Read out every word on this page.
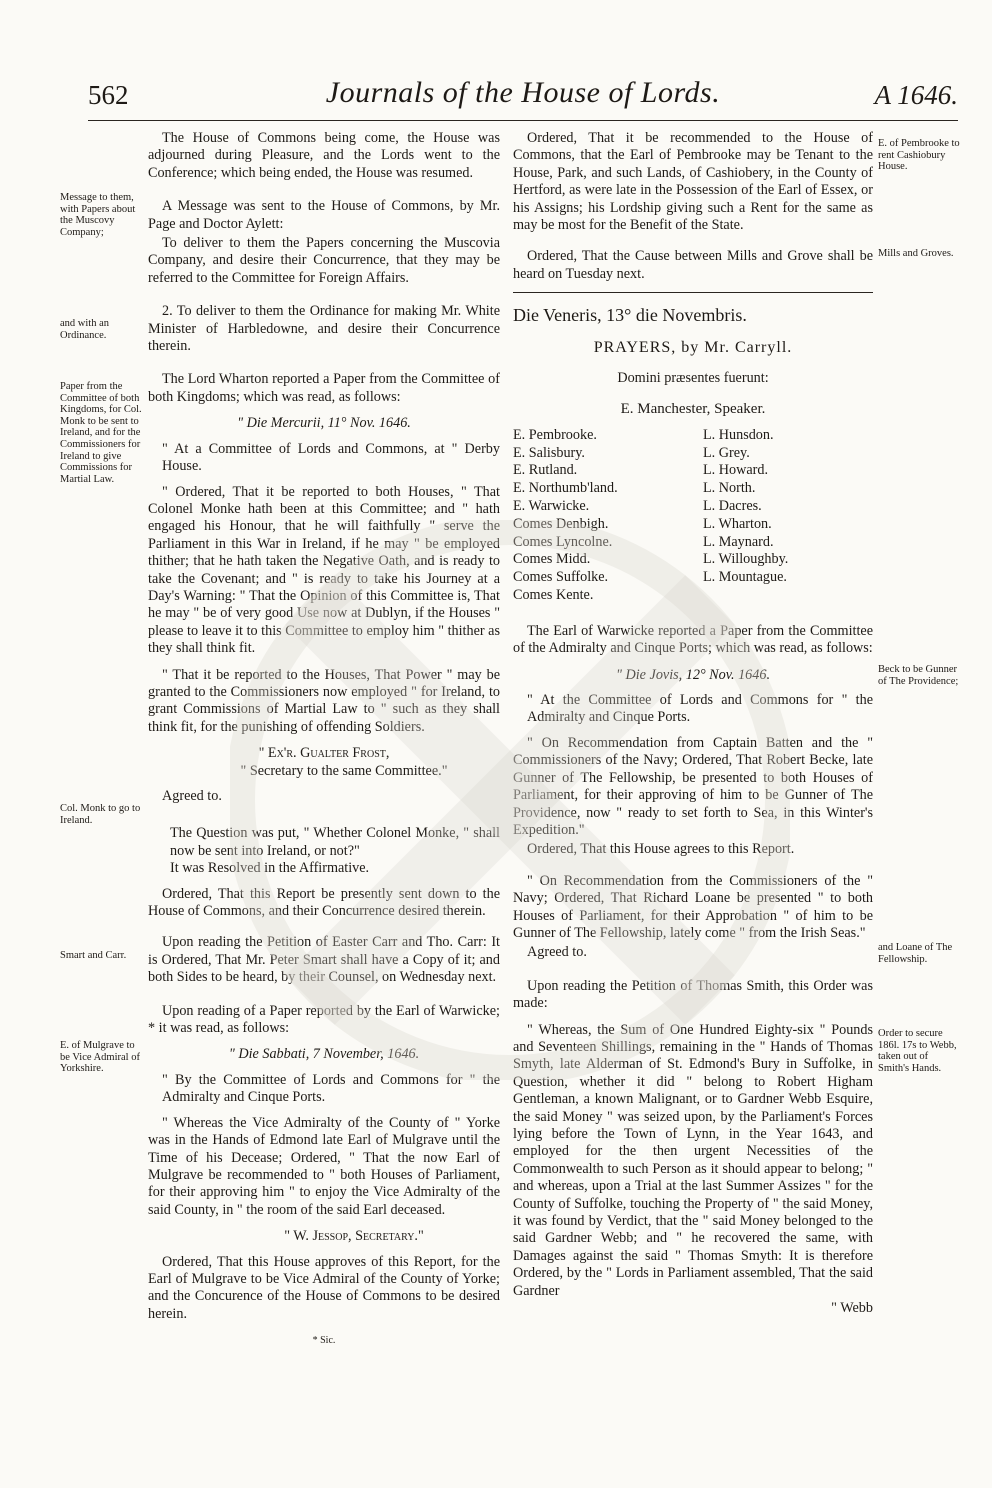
562	Journals of the House of Lords.	A 1646.
Message to them, with Papers about the Muscovy Company;
and with an Ordinance.
Paper from the Committee of both Kingdoms, for Col. Monk to be sent to Ireland, and for the Commissioners for Ireland to give Commissions for Martial Law.
Col. Monk to go to Ireland.
Smart and Carr.
E. of Mulgrave to be Vice Admiral of Yorkshire.

The House of Commons being come, the House was adjourned during Pleasure, and the Lords went to the Conference; which being ended, the House was resumed.

A Message was sent to the House of Commons, by Mr. Page and Doctor Aylett:

To deliver to them the Papers concerning the Muscovia Company, and desire their Concurrence, that they may be referred to the Committee for Foreign Affairs.

2. To deliver to them the Ordinance for making Mr. White Minister of Harbledowne, and desire their Concurrence therein.

The Lord Wharton reported a Paper from the Committee of both Kingdoms; which was read, as follows:

" Die Mercurii, 11° Nov. 1646.

" At a Committee of Lords and Commons, at " Derby House.

" Ordered, That it be reported to both Houses, " That Colonel Monke hath been at this Committee; and " hath engaged his Honour, that he will faithfully " serve the Parliament in this War in Ireland, if he may " be employed thither; that he hath taken the Negative Oath, and is ready to take the Covenant; and " is ready to take his Journey at a Day's Warning: " That the Opinion of this Committee is, That he may " be of very good Use now at Dublyn, if the Houses " please to leave it to this Committee to employ him " thither as they shall think fit.

" That it be reported to the Houses, That Power " may be granted to the Commissioners now employed " for Ireland, to grant Commissions of Martial Law to " such as they shall think fit, for the punishing of offending Soldiers.

" Ex'r. Gualter Frost,

" Secretary to the same Committee."

Agreed to.

The Question was put, " Whether Colonel Monke, " shall now be sent into Ireland, or not?"

It was Resolved in the Affirmative.

Ordered, That this Report be presently sent down to the House of Commons, and their Concurrence desired therein.

Upon reading the Petition of Easter Carr and Tho. Carr: It is Ordered, That Mr. Peter Smart shall have a Copy of it; and both Sides to be heard, by their Counsel, on Wednesday next.

Upon reading of a Paper reported by the Earl of Warwicke; * it was read, as follows:

" Die Sabbati, 7 November, 1646.

" By the Committee of Lords and Commons for " the Admiralty and Cinque Ports.

" Whereas the Vice Admiralty of the County of " Yorke was in the Hands of Edmond late Earl of Mulgrave until the Time of his Decease; Ordered, " That the now Earl of Mulgrave be recommended to " both Houses of Parliament, for their approving him " to enjoy the Vice Admiralty of the said County, in " the room of the said Earl deceased.

" W. Jessop, Secretary."

Ordered, That this House approves of this Report, for the Earl of Mulgrave to be Vice Admiral of the County of Yorke; and the Concurence of the House of Commons to be desired herein.

* Sic.
E. of Pembrooke to rent Cashiobury House.
Mills and Groves.
Beck to be Gunner of The Providence;
and Loane of The Fellowship.
Order to secure 186l. 17s to Webb, taken out of Smith's Hands.

Ordered, That it be recommended to the House of Commons, that the Earl of Pembrooke may be Tenant to the House, Park, and such Lands, of Cashiobery, in the County of Hertford, as were late in the Possession of the Earl of Essex, or his Assigns; his Lordship giving such a Rent for the same as may be most for the Benefit of the State.

Ordered, That the Cause between Mills and Grove shall be heard on Tuesday next.

Die Veneris, 13° die Novembris.

PRAYERS, by Mr. Carryll.

Domini præsentes fuerunt:

E. Manchester, Speaker.

E. Pembrooke.
E. Salisbury.
E. Rutland.
E. Northumb'land.
E. Warwicke.
Comes Denbigh.
Comes Lyncolne.
Comes Midd.
Comes Suffolke.
Comes Kente.
L. Hunsdon.
L. Grey.
L. Howard.
L. North.
L. Dacres.
L. Wharton.
L. Maynard.
L. Willoughby.
L. Mountague.

The Earl of Warwicke reported a Paper from the Committee of the Admiralty and Cinque Ports; which was read, as follows:

" Die Jovis, 12° Nov. 1646.

" At the Committee of Lords and Commons for " the Admiralty and Cinque Ports.

" On Recommendation from Captain Batten and the " Commissioners of the Navy; Ordered, That Robert Becke, late Gunner of The Fellowship, be presented to both Houses of Parliament, for their approving of him to be Gunner of The Providence, now " ready to set forth to Sea, in this Winter's Expedition."

Ordered, That this House agrees to this Report.

" On Recommendation from the Commissioners of the " Navy; Ordered, That Richard Loane be presented " to both Houses of Parliament, for their Approbation " of him to be Gunner of The Fellowship, lately come " from the Irish Seas."

Agreed to.

Upon reading the Petition of Thomas Smith, this Order was made:

" Whereas, the Sum of One Hundred Eighty-six " Pounds and Seventeen Shillings, remaining in the " Hands of Thomas Smyth, late Alderman of St. Edmond's Bury in Suffolke, in Question, whether it did " belong to Robert Higham Gentleman, a known Malignant, or to Gardner Webb Esquire, the said Money " was seized upon, by the Parliament's Forces lying before the Town of Lynn, in the Year 1643, and employed for the then urgent Necessities of the Commonwealth to such Person as it should appear to belong; " and whereas, upon a Trial at the last Summer Assizes " for the County of Suffolke, touching the Property of " the said Money, it was found by Verdict, that the " said Money belonged to the said Gardner Webb; and " he recovered the same, with Damages against the said " Thomas Smyth: It is therefore Ordered, by the " Lords in Parliament assembled, That the said Gardner

" Webb
